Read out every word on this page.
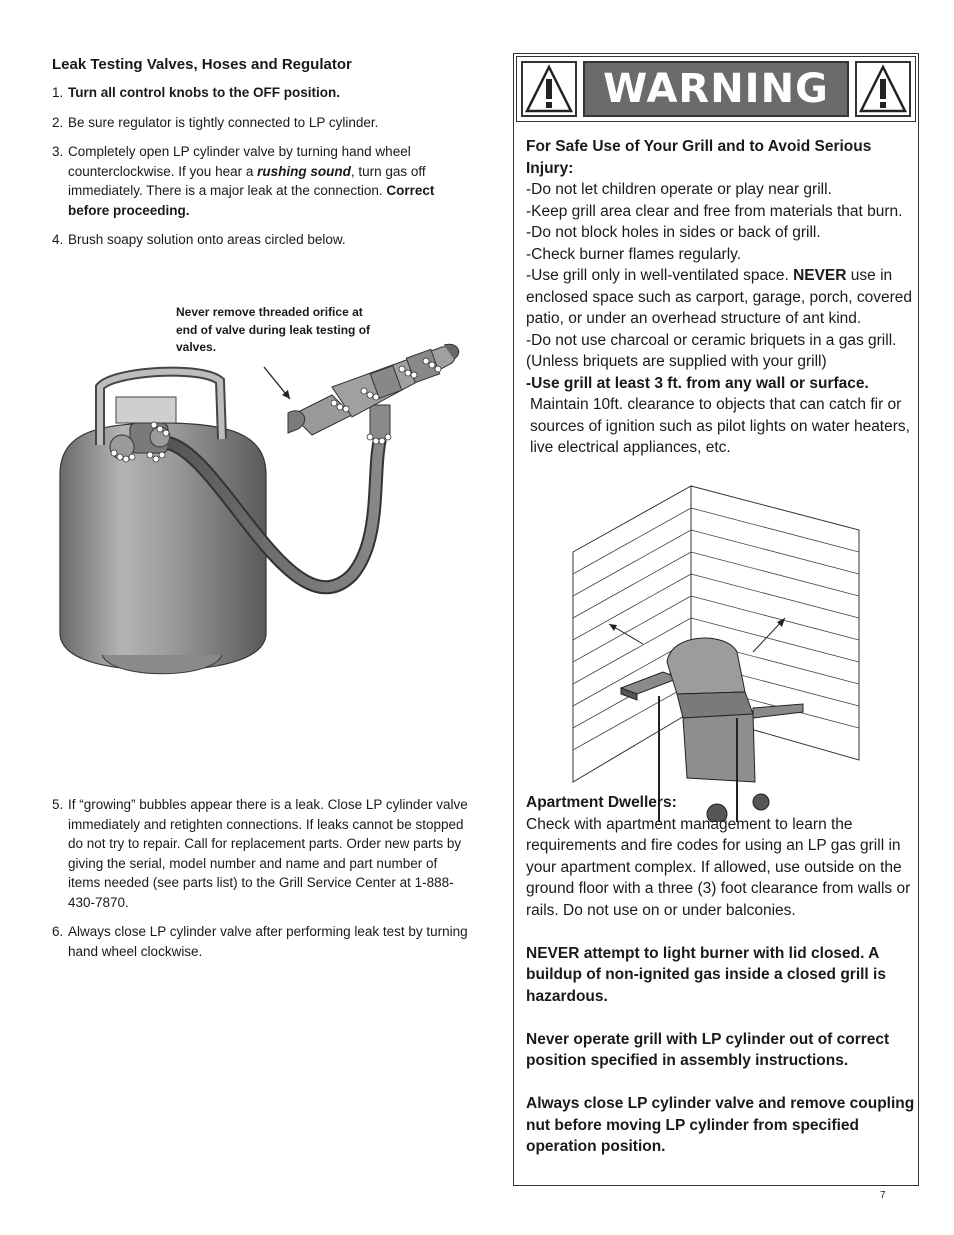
Leak Testing Valves, Hoses and Regulator
1. Turn all control knobs to the OFF position.
2. Be sure regulator is tightly connected to LP cylinder.
3. Completely open LP cylinder valve by turning hand wheel counterclockwise. If you hear a rushing sound, turn gas off immediately. There is a major leak at the connection. Correct before proceeding.
4. Brush soapy solution onto areas circled below.
Never remove threaded orifice at end of valve during leak testing of valves.
5. If “growing” bubbles appear there is a leak. Close LP cylinder valve immediately and retighten connections. If leaks cannot be stopped do not try to repair. Call for replacement parts. Order new parts by giving the serial, model number and name and part number of items needed (see parts list) to the Grill Service Center at 1-888-430-7870.
6. Always close LP cylinder valve after performing leak test by turning hand wheel clockwise.
WARNING

For Safe Use of Your Grill and to Avoid Serious Injury:

-Do not let children operate or play near grill.

-Keep grill area clear and free from materials that burn.

-Do not block holes in sides or back of grill.

-Check burner flames regularly.

-Use grill only in well-ventilated space. NEVER use in enclosed space such as carport, garage, porch, covered patio, or under an overhead structure of ant kind.

-Do not use charcoal or ceramic briquets in a gas grill. (Unless briquets are supplied with your grill)

-Use grill at least 3 ft. from any wall or surface.

Maintain 10ft. clearance to objects that can catch fir or sources of ignition such as pilot lights on water heaters, live electrical appliances, etc.

Apartment Dwellers:

Check with apartment management to learn the requirements and fire codes for using an LP gas grill in your apartment complex. If allowed, use outside on the ground floor with a three (3) foot clearance from walls or rails. Do not use on or under balconies.

NEVER attempt to light burner with lid closed. A buildup of non-ignited gas inside a closed grill is hazardous.

Never operate grill with LP cylinder out of correct position specified in assembly instructions.

Always close LP cylinder valve and remove coupling nut before moving LP cylinder from specified operation position.

7
